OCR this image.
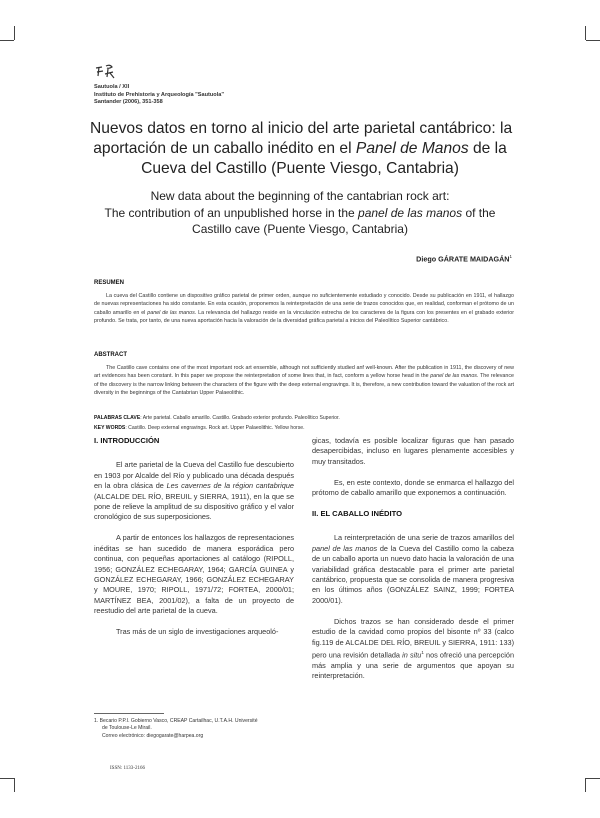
Sautuola / XII
Instituto de Prehistoria y Arqueología "Sautuola"
Santander (2006), 351-358
Nuevos datos en torno al inicio del arte parietal cantábrico: la
aportación de un caballo inédito en el Panel de Manos de la
Cueva del Castillo (Puente Viesgo, Cantabria)
New data about the beginning of the cantabrian rock art:
The contribution of an unpublished horse in the panel de las manos of the
Castillo cave (Puente Viesgo, Cantabria)
Diego GÁRATE MAIDAGÁN$^1$
RESUMEN
La cueva del Castillo contiene un dispositivo gráfico parietal de primer orden, aunque no suficientemente estudiado y conocido. Desde su publicación en 1911, el hallazgo de nuevas representaciones ha sido constante. En esta ocasión, proponemos la reinterpretación de una serie de trazos conocidos que, en realidad, conforman el prótomo de un caballo amarillo en el panel de las manos. La relevancia del hallazgo reside en la vinculación estrecha de los caracteres de la figura con los presentes en el grabado exterior profundo. Se trata, por tanto, de una nueva aportación hacia la valoración de la diversidad gráfica parietal a inicios del Paleolítico Superior cantábrico.
ABSTRACT
The Castillo cave contains one of the most important rock art ensemble, although not sufficiently studied anf well-known. After the publication in 1911, the discovery of new art evidences has been constant. In this paper we propose the reinterpretation of some lines that, in fact, conform a yellow horse head in the panel de las manos. The relevance of the discovery is the narrow linking between the characters of the figure with the deep external engravings. It is, therefore, a new contribution toward the valuation of the rock art diversity in the beginnings of the Cantabrian Upper Palaeolithic.
PALABRAS CLAVE: Arte parietal. Caballo amarillo. Castillo. Grabado exterior profundo. Paleolítico Superior.
KEY WORDS: Castillo. Deep external engravings. Rock art. Upper Palaeolithic. Yellow horse.
I. INTRODUCCIÓN

El arte parietal de la Cueva del Castillo fue descubierto en 1903 por Alcalde del Río y publicado una década después en la obra clásica de Les cavernes de la région cantabrique (ALCALDE DEL RÍO, BREUIL y SIERRA, 1911), en la que se pone de relieve la amplitud de su dispositivo gráfico y el valor cronológico de sus superposiciones.

A partir de entonces los hallazgos de representaciones inéditas se han sucedido de manera esporádica pero continua, con pequeñas aportaciones al catálogo (RIPOLL, 1956; GONZÁLEZ ECHEGARAY, 1964; GARCÍA GUINEA y GONZÁLEZ ECHEGARAY, 1966; GONZÁLEZ ECHEGARAY y MOURE, 1970; RIPOLL, 1971/72; FORTEA, 2000/01; MARTÍNEZ BEA, 2001/02), a falta de un proyecto de reestudio del arte parietal de la cueva.

Tras más de un siglo de investigaciones arqueoló-

gicas, todavía es posible localizar figuras que han pasado desapercibidas, incluso en lugares plenamente accesibles y muy transitados.

Es, en este contexto, donde se enmarca el hallazgo del prótomo de caballo amarillo que exponemos a continuación.

II. EL CABALLO INÉDITO

La reinterpretación de una serie de trazos amarillos del panel de las manos de la Cueva del Castillo como la cabeza de un caballo aporta un nuevo dato hacia la valoración de una variabilidad gráfica destacable para el primer arte parietal cantábrico, propuesta que se consolida de manera progresiva en los últimos años (GONZÁLEZ SAINZ, 1999; FORTEA 2000/01).

Dichos trazos se han considerado desde el primer estudio de la cavidad como propios del bisonte nº 33 (calco fig.119 de ALCALDE DEL RÍO, BREUIL y SIERRA, 1911: 133) pero una revisión detallada in situ$^1$ nos ofreció una percepción más amplia y una serie de argumentos que apoyan su reinterpretación.

1. Becario P.P.I. Gobierno Vasco, CREAP Cartailhac, U.T.A.H. Université
de Toulouse-Le Mirail.
Correo electrónico: diegogarate@harpea.org
ISSN: 1133-2166
